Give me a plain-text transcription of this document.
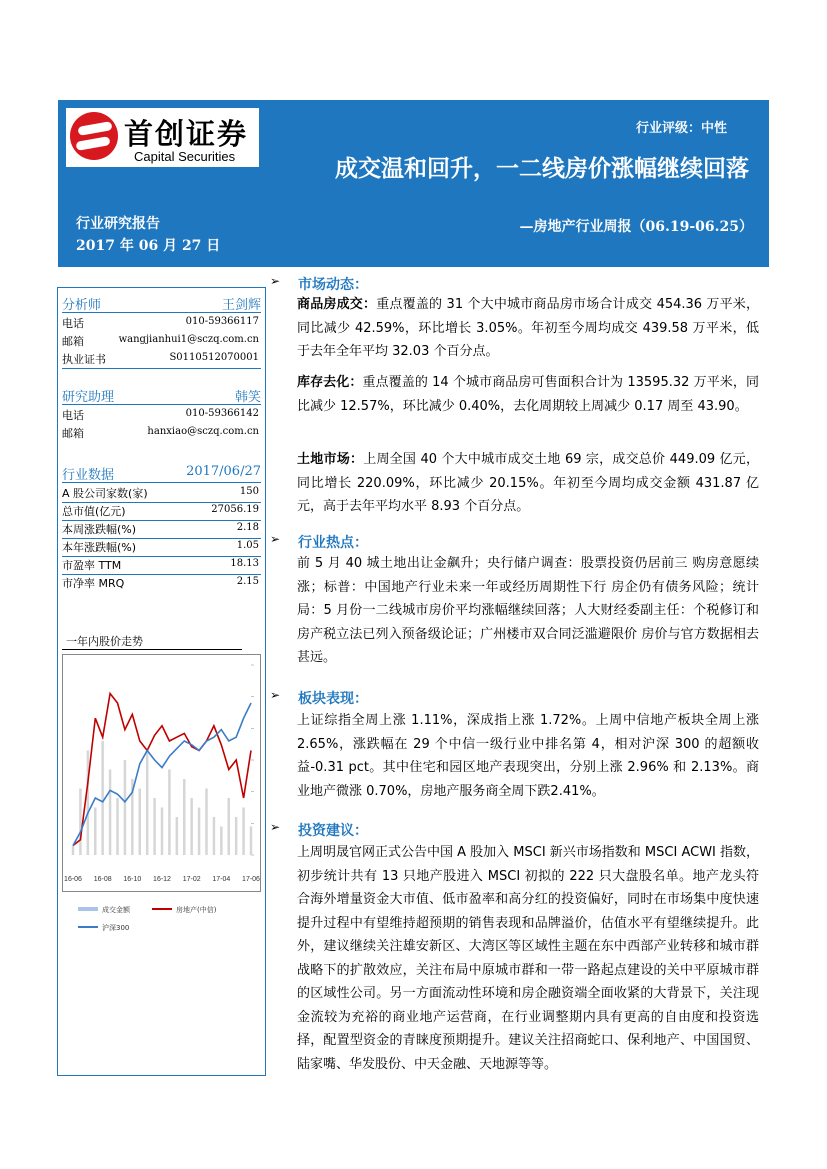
首创证券
Capital Securities
行业评级：中性
成交温和回升，一二线房价涨幅继续回落
行业研究报告
2017 年 06 月 27 日
—房地产行业周报（06.19-06.25）
分析师	王剑辉
电话	010-59366117
邮箱	wangjianhui1@sczq.com.cn
执业证书	S0110512070001
研究助理	韩笑
电话	010-59366142
邮箱	hanxiao@sczq.com.cn
行业数据	2017/06/27
A 股公司家数(家)	150
总市值(亿元)	27056.19
本周涨跌幅(%)	2.18
本年涨跌幅(%)	1.05
市盈率 TTM	18.13
市净率 MRQ	2.15
一年内股价走势
16-06 16-08 16-10 16-12 17-02 17-04 17-06
成交金额	房地产(中信)
沪深300
➢ 市场动态：
商品房成交：重点覆盖的 31 个大中城市商品房市场合计成交 454.36 万平米，同比减少 42.59%，环比增长 3.05%。年初至今周均成交 439.58 万平米，低于去年全年平均 32.03 个百分点。
库存去化：重点覆盖的 14 个城市商品房可售面积合计为 13595.32 万平米，同比减少 12.57%，环比减少 0.40%，去化周期较上周减少 0.17 周至 43.90。
土地市场：上周全国 40 个大中城市成交土地 69 宗，成交总价 449.09 亿元，同比增长 220.09%，环比减少 20.15%。年初至今周均成交金额 431.87 亿元，高于去年平均水平 8.93 个百分点。
➢ 行业热点：
前 5 月 40 城土地出让金飙升；央行储户调查：股票投资仍居前三 购房意愿续涨；标普：中国地产行业未来一年或经历周期性下行 房企仍有债务风险；统计局：5 月份一二线城市房价平均涨幅继续回落；人大财经委副主任：个税修订和房产税立法已列入预备级论证；广州楼市双合同泛滥避限价 房价与官方数据相去甚远。
➢ 板块表现：
上证综指全周上涨 1.11%，深成指上涨 1.72%。上周中信地产板块全周上涨 2.65%，涨跌幅在 29 个中信一级行业中排名第 4，相对沪深 300 的超额收益-0.31 pct。其中住宅和园区地产表现突出，分别上涨 2.96% 和 2.13%。商业地产微涨 0.70%，房地产服务商全周下跌2.41%。
➢ 投资建议：
上周明晟官网正式公告中国 A 股加入 MSCI 新兴市场指数和 MSCI ACWI 指数，初步统计共有 13 只地产股进入 MSCI 初拟的 222 只大盘股名单。地产龙头符合海外增量资金大市值、低市盈率和高分红的投资偏好，同时在市场集中度快速提升过程中有望维持超预期的销售表现和品牌溢价，估值水平有望继续提升。此外，建议继续关注雄安新区、大湾区等区域性主题在东中西部产业转移和城市群战略下的扩散效应，关注布局中原城市群和一带一路起点建设的关中平原城市群的区域性公司。另一方面流动性环境和房企融资端全面收紧的大背景下，关注现金流较为充裕的商业地产运营商，在行业调整期内具有更高的自由度和投资选择，配置型资金的青睐度预期提升。建议关注招商蛇口、保利地产、中国国贸、陆家嘴、华发股份、中天金融、天地源等等。
